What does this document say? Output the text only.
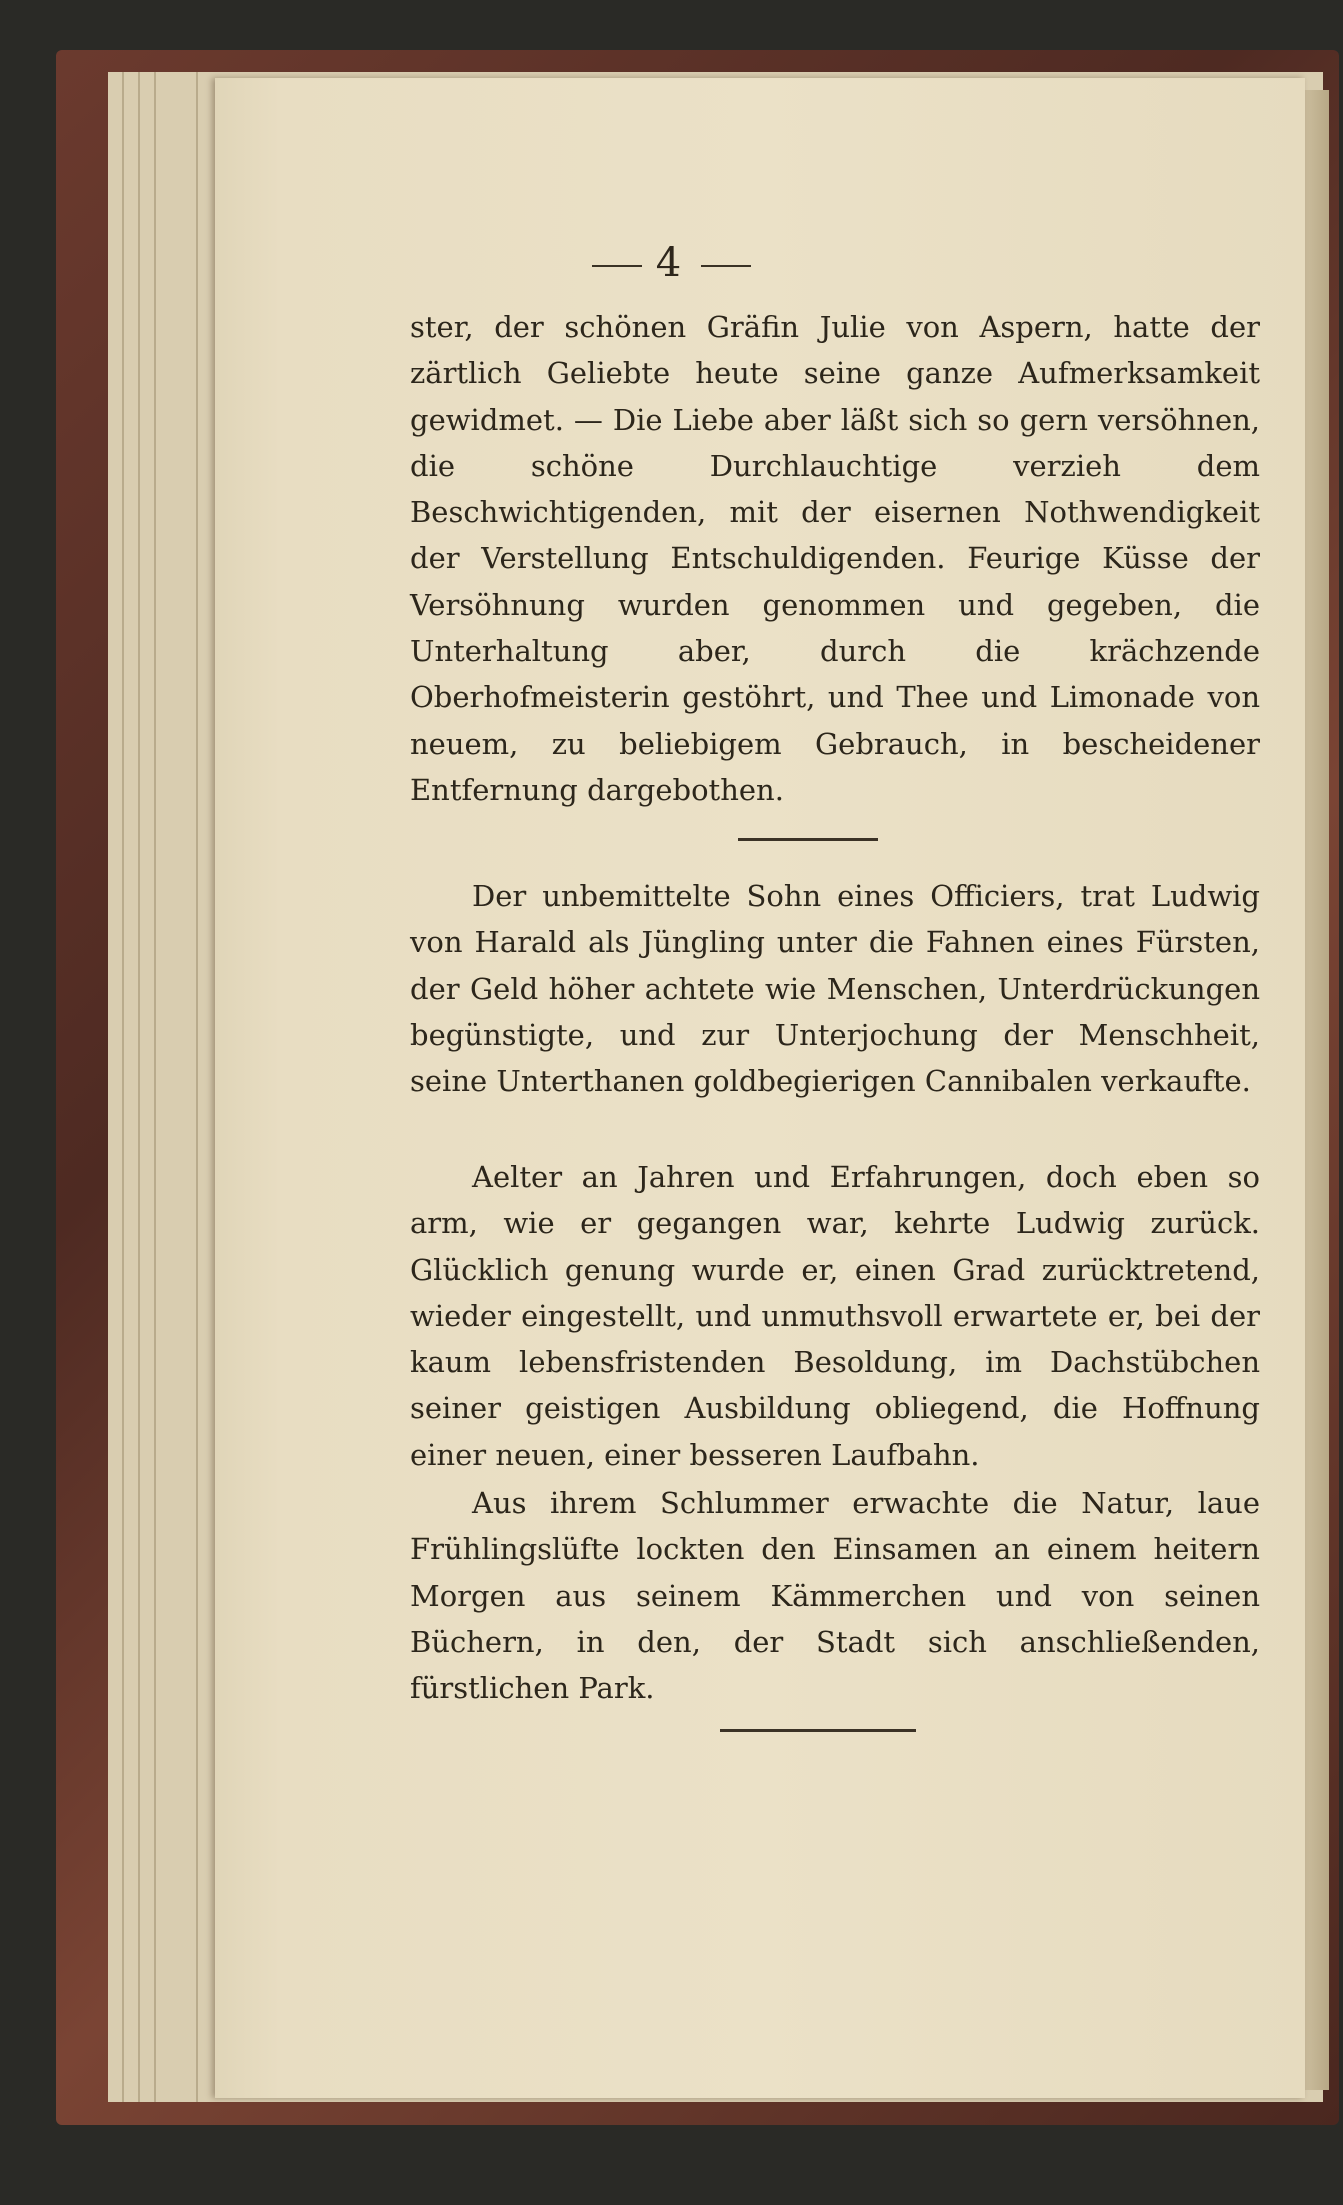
4

ster, der schönen Gräfin Julie von Aspern, hatte der zärtlich Geliebte heute seine ganze Aufmerksamkeit gewidmet. — Die Liebe aber läßt sich so gern versöhnen, die schöne Durchlauchtige verzieh dem Beschwichtigenden, mit der eisernen Nothwendigkeit der Verstellung Entschuldigenden. Feurige Küsse der Versöhnung wurden genommen und gegeben, die Unterhaltung aber, durch die krächzende Oberhofmeisterin gestöhrt, und Thee und Limonade von neuem, zu beliebigem Gebrauch, in bescheidener Entfernung dargebothen.

Der unbemittelte Sohn eines Officiers, trat Ludwig von Harald als Jüngling unter die Fahnen eines Fürsten, der Geld höher achtete wie Menschen, Unterdrückungen begünstigte, und zur Unterjochung der Menschheit, seine Unterthanen goldbegierigen Cannibalen verkaufte.

Aelter an Jahren und Erfahrungen, doch eben so arm, wie er gegangen war, kehrte Ludwig zurück. Glücklich genung wurde er, einen Grad zurücktretend, wieder eingestellt, und unmuthsvoll erwartete er, bei der kaum lebensfristenden Besoldung, im Dachstübchen seiner geistigen Ausbildung obliegend, die Hoffnung einer neuen, einer besseren Laufbahn.

Aus ihrem Schlummer erwachte die Natur, laue Frühlingslüfte lockten den Einsamen an einem heitern Morgen aus seinem Kämmerchen und von seinen Büchern, in den, der Stadt sich anschließenden, fürstlichen Park.
